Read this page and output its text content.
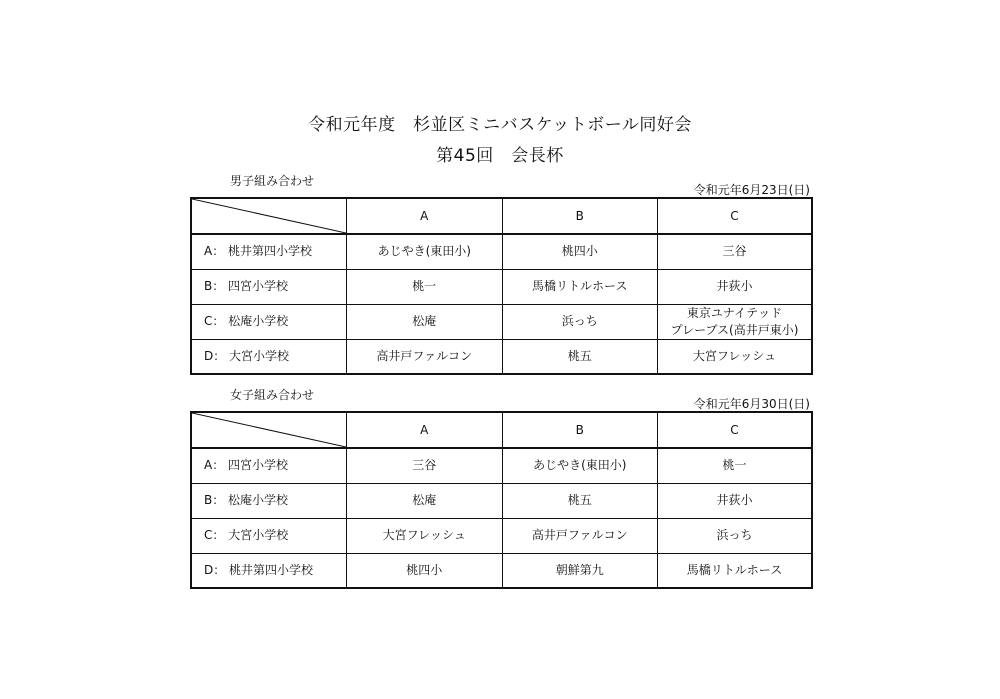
令和元年度　杉並区ミニバスケットボール同好会
第45回　会長杯
男子組み合わせ
令和元年6月23日(日)
	A	B	C
A： 桃井第四小学校	あじやき(東田小)	桃四小	三谷
B： 四宮小学校	桃一	馬橋リトルホース	井荻小
C： 松庵小学校	松庵	浜っち	東京ユナイテッド
プレーブス(高井戸東小)

D： 大宮小学校	高井戸ファルコン	桃五	大宮フレッシュ
女子組み合わせ
令和元年6月30日(日)
	A	B	C
A： 四宮小学校	三谷	あじやき(東田小)	桃一
B： 松庵小学校	松庵	桃五	井荻小
C： 大宮小学校	大宮フレッシュ	高井戸ファルコン	浜っち
D： 桃井第四小学校	桃四小	朝鮮第九	馬橋リトルホース
